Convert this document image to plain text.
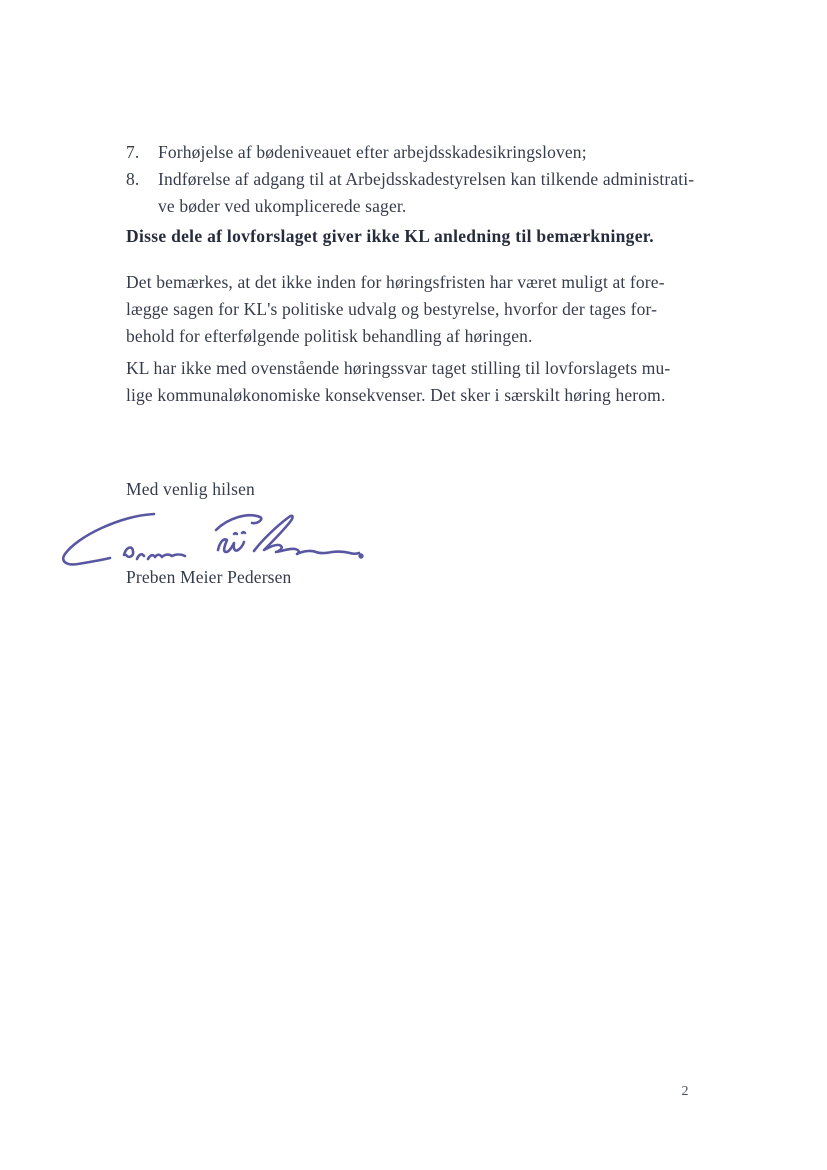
7.	Forhøjelse af bødeniveauet efter arbejdsskadesikringsloven;
8.	Indførelse af adgang til at Arbejdsskadestyrelsen kan tilkende administrati-
ve bøder ved ukomplicerede sager.
Disse dele af lovforslaget giver ikke KL anledning til bemærkninger.
Det bemærkes, at det ikke inden for høringsfristen har været muligt at fore-
lægge sagen for KL's politiske udvalg og bestyrelse, hvorfor der tages for-
behold for efterfølgende politisk behandling af høringen.
KL har ikke med ovenstående høringssvar taget stilling til lovforslagets mu-
lige kommunaløkonomiske konsekvenser. Det sker i særskilt høring herom.
Med venlig hilsen
Preben Meier Pedersen
2
